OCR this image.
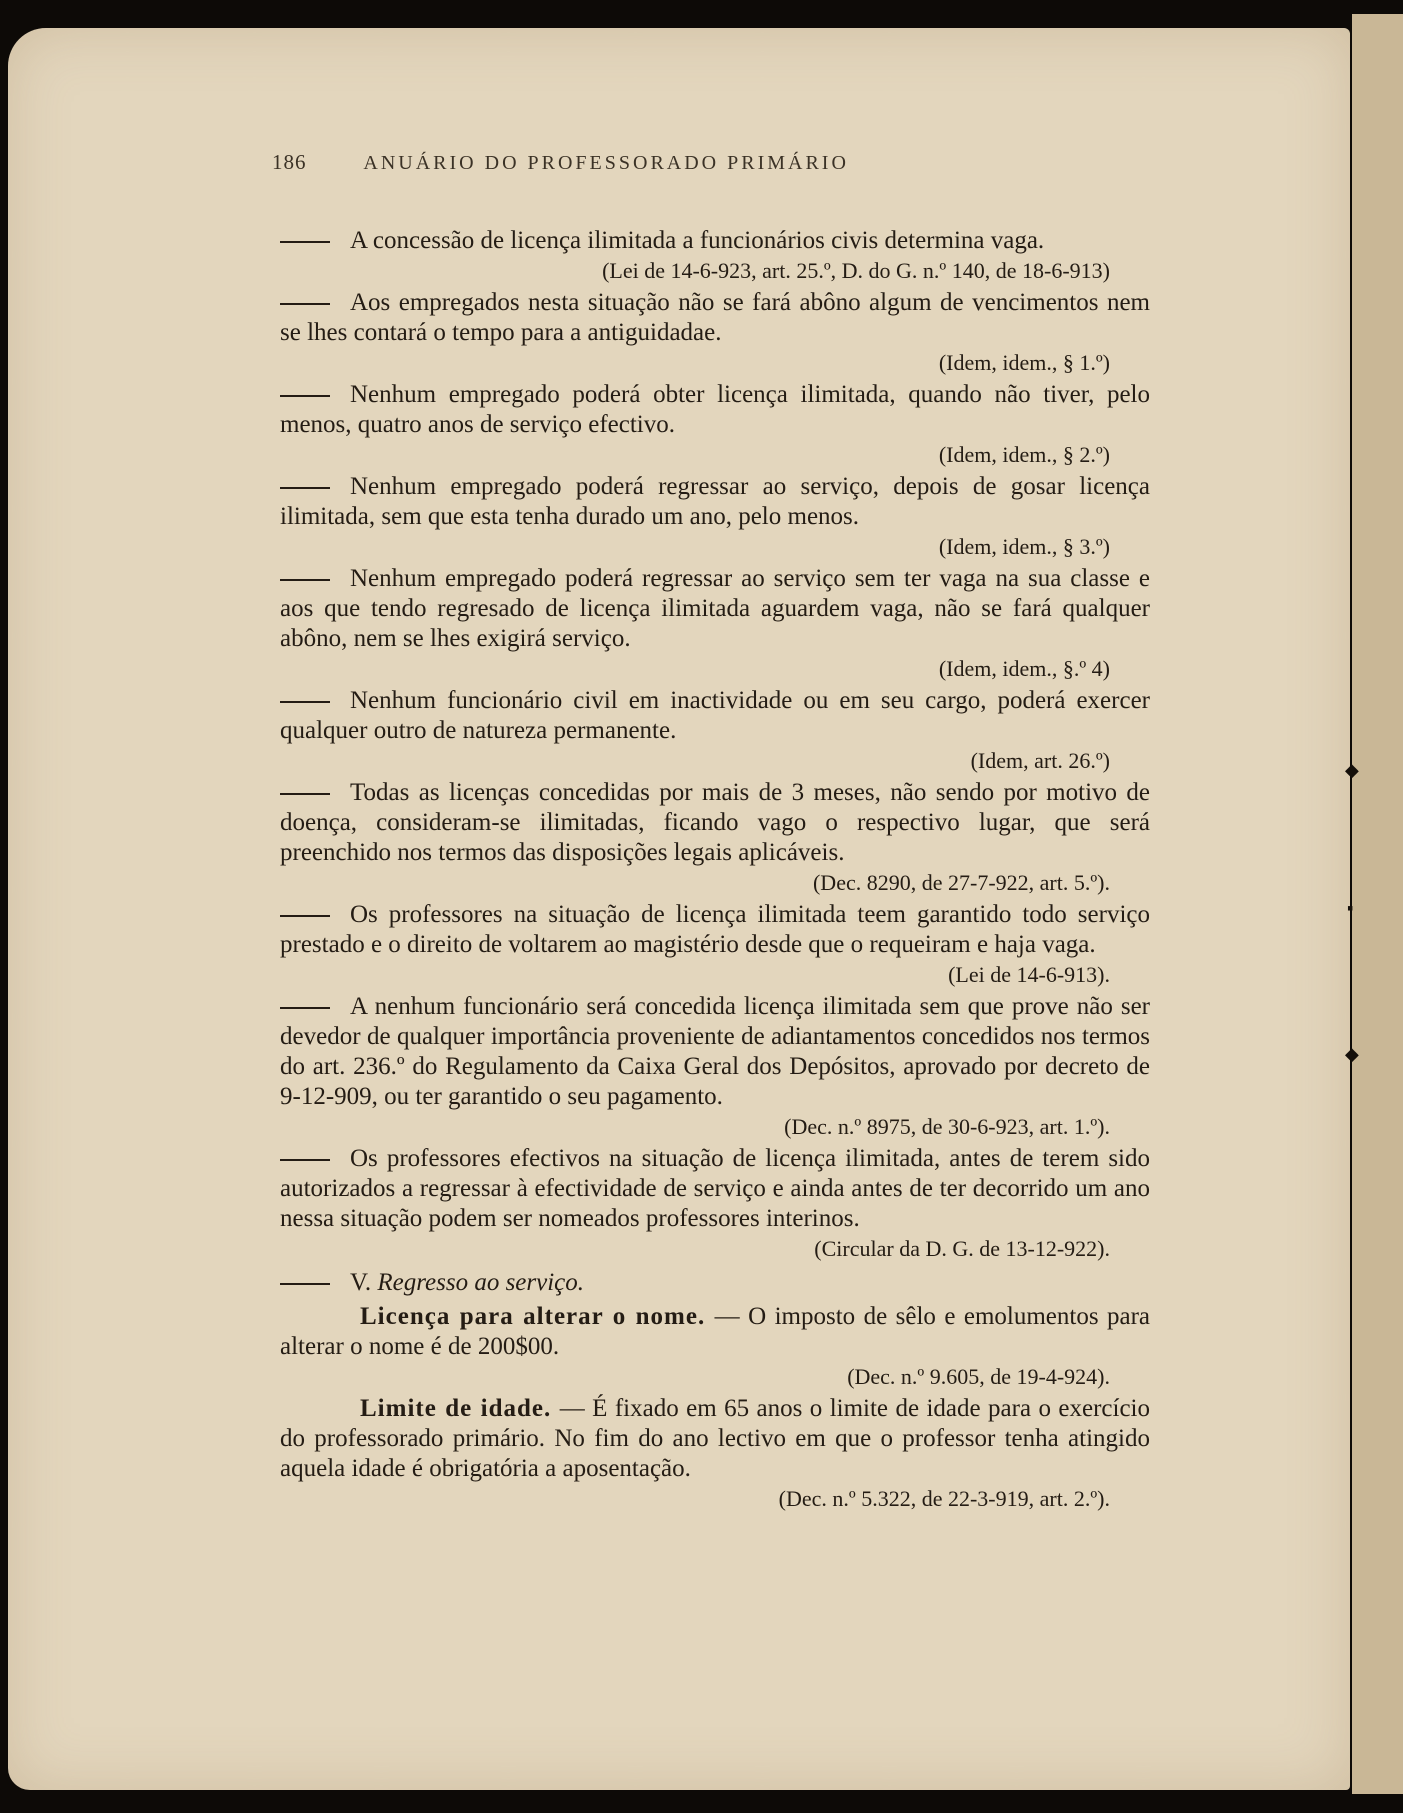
186	ANUÁRIO DO PROFESSORADO PRIMÁRIO

A concessão de licença ilimitada a funcionários civis determina vaga.

(Lei de 14-6-923, art. 25.º, D. do G. n.º 140, de 18-6-913)

Aos empregados nesta situação não se fará abôno algum de vencimentos nem se lhes contará o tempo para a antiguidadae.

(Idem, idem., § 1.º)

Nenhum empregado poderá obter licença ilimitada, quando não tiver, pelo menos, quatro anos de serviço efectivo.

(Idem, idem., § 2.º)

Nenhum empregado poderá regressar ao serviço, depois de gosar licença ilimitada, sem que esta tenha durado um ano, pelo menos.

(Idem, idem., § 3.º)

Nenhum empregado poderá regressar ao serviço sem ter vaga na sua classe e aos que tendo regresado de licença ilimitada aguardem vaga, não se fará qualquer abôno, nem se lhes exigirá serviço.

(Idem, idem., §.º 4)

Nenhum funcionário civil em inactividade ou em seu cargo, poderá exercer qualquer outro de natureza permanente.

(Idem, art. 26.º)

Todas as licenças concedidas por mais de 3 meses, não sendo por motivo de doença, consideram-se ilimitadas, ficando vago o respectivo lugar, que será preenchido nos termos das disposições legais aplicáveis.

(Dec. 8290, de 27-7-922, art. 5.º).

Os professores na situação de licença ilimitada teem garantido todo serviço prestado e o direito de voltarem ao magistério desde que o requeiram e haja vaga.

(Lei de 14-6-913).

A nenhum funcionário será concedida licença ilimitada sem que prove não ser devedor de qualquer importância proveniente de adiantamentos concedidos nos termos do art. 236.º do Regulamento da Caixa Geral dos Depósitos, aprovado por decreto de 9-12-909, ou ter garantido o seu pagamento.

(Dec. n.º 8975, de 30-6-923, art. 1.º).

Os professores efectivos na situação de licença ilimitada, antes de terem sido autorizados a regressar à efectividade de serviço e ainda antes de ter decorrido um ano nessa situação podem ser nomeados professores interinos.

(Circular da D. G. de 13-12-922).

V. Regresso ao serviço.

Licença para alterar o nome. — O imposto de sêlo e emolumentos para alterar o nome é de 200$00.

(Dec. n.º 9.605, de 19-4-924).

Limite de idade. — É fixado em 65 anos o limite de idade para o exercício do professorado primário. No fim do ano lectivo em que o professor tenha atingido aquela idade é obrigatória a aposentação.

(Dec. n.º 5.322, de 22-3-919, art. 2.º).
◆
▪
◆
